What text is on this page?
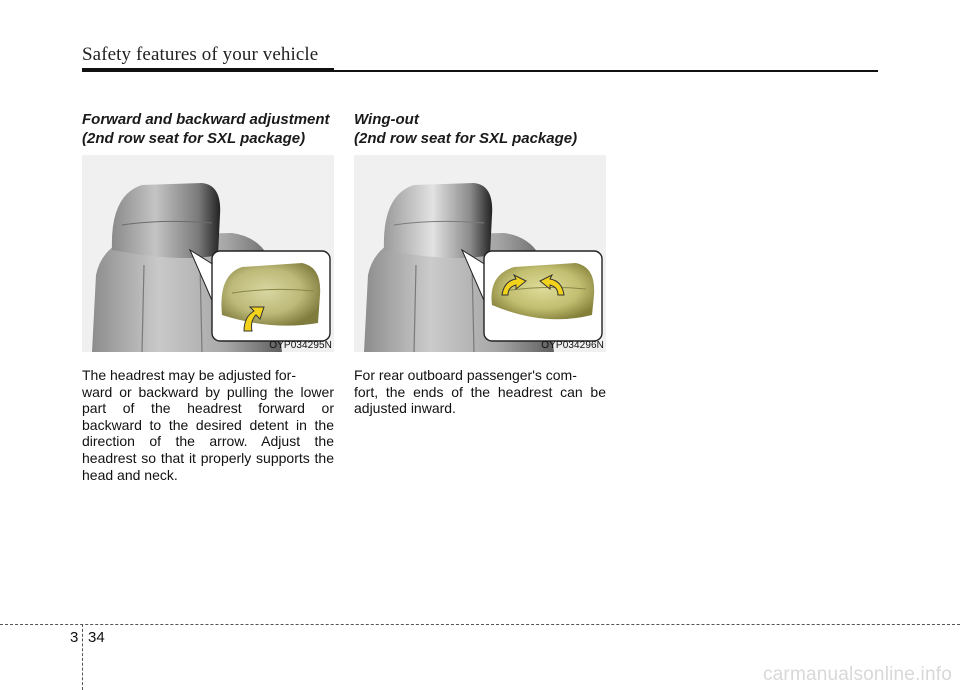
Safety features of your vehicle
Forward and backward adjustment
(2nd row seat for SXL package)
OYP034295N
The headrest may be adjusted for-
ward or backward by pulling the lower part of the headrest forward or backward to the desired detent in the direction of the arrow. Adjust the headrest so that it properly supports the head and neck.
Wing-out
(2nd row seat for SXL package)
OYP034296N
For rear outboard passenger's com-
fort, the ends of the headrest can be adjusted inward.
3 34
carmanualsonline.info
